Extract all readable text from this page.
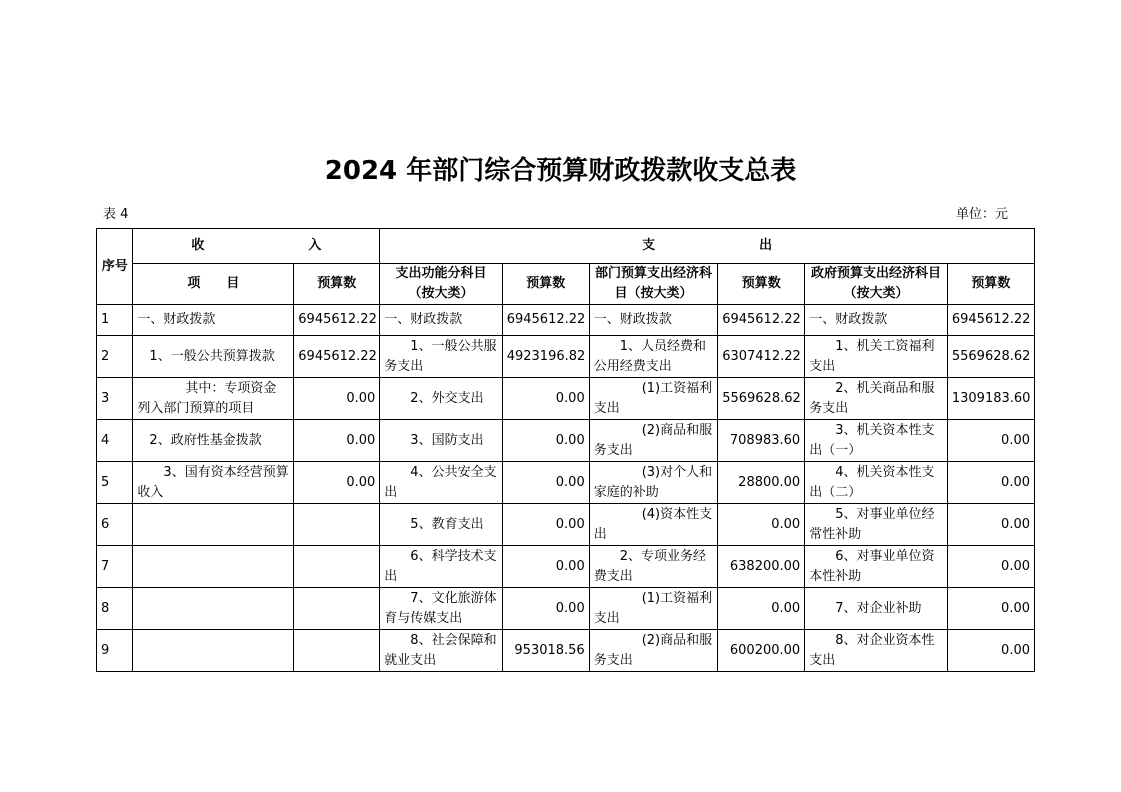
2024 年部门综合预算财政拨款收支总表
表 4	单位：元
序号	收　　　　　　　　入		支　　　　　　　　出					
	项　　目	预算数	支出功能分科目（按大类）	预算数	部门预算支出经济科目（按大类）	预算数	政府预算支出经济科目（按大类）	预算数
1	一、财政拨款	6945612.22	一、财政拨款	6945612.22	一、财政拨款	6945612.22	一、财政拨款	6945612.22
2	1、一般公共预算拨款	6945612.22	1、一般公共服务支出	4923196.82	1、人员经费和公用经费支出	6307412.22	1、机关工资福利支出	5569628.62
3	其中：专项资金列入部门预算的项目	0.00	2、外交支出	0.00	(1)工资福利支出	5569628.62	2、机关商品和服务支出	1309183.60
4	2、政府性基金拨款	0.00	3、国防支出	0.00	(2)商品和服务支出	708983.60	3、机关资本性支出（一）	0.00
5	3、国有资本经营预算收入	0.00	4、公共安全支出	0.00	(3)对个人和家庭的补助	28800.00	4、机关资本性支出（二）	0.00
6			5、教育支出	0.00	(4)资本性支出	0.00	5、对事业单位经常性补助	0.00
7			6、科学技术支出	0.00	2、专项业务经费支出	638200.00	6、对事业单位资本性补助	0.00
8			7、文化旅游体育与传媒支出	0.00	(1)工资福利支出	0.00	7、对企业补助	0.00
9			8、社会保障和就业支出	953018.56	(2)商品和服务支出	600200.00	8、对企业资本性支出	0.00
